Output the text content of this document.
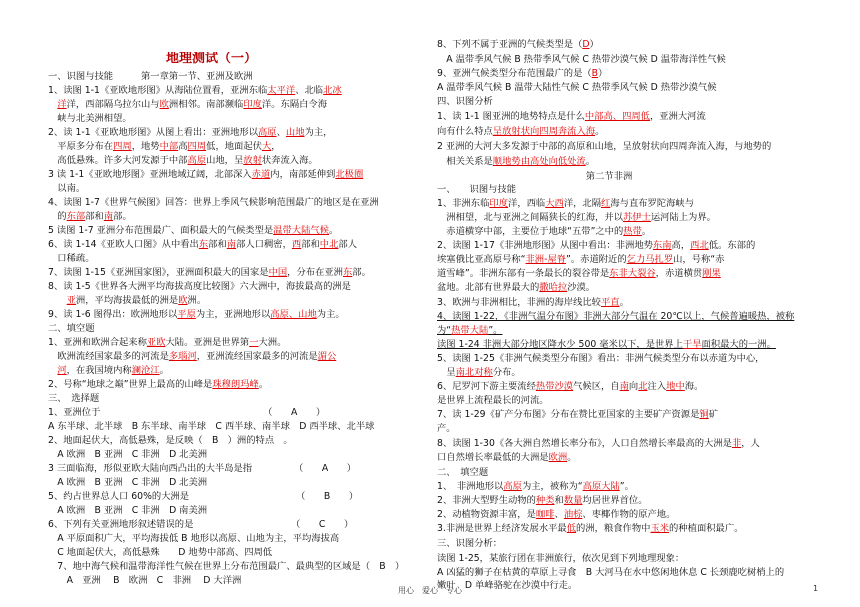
地理测试（一）
一、识图与技能　　　第一章第一节、亚洲及欧洲
1、读图 1-1《亚欧地形图》从海陆位置看，亚洲东临太平洋、北临北冰
　洋洋，西部隔乌拉尔山与欧洲相邻。南部濒临印度洋。东隔白令海
　峡与北美洲相望。
2、读 1-1《亚欧地形图》从图上看出：亚洲地形以高原、山地为主，
　平原多分布在四周，地势中部高四周低，地面起伏大，
　高低悬殊。许多大河发源于中部高原山地，呈放射状奔流入海。
3 读 1-1《亚欧地形图》亚洲地域辽阔，北部深入赤道内，南部延伸到北极圈
　以南。
4、读图 1-7《世界气候图》回答：世界上季风气候影响范围最广的地区是在亚洲
　的东部部和南部。
5 读图 1-7 亚洲分布范围最广、面积最大的气候类型是温带大陆气候。
6、读 1-14《亚欧人口图》从中看出东部和南部人口稠密，西部和中北部人
　口稀疏。
7、读图 1-15《亚洲国家图》，亚洲面积最大的国家是中国，分布在亚洲东部。
8、读 1-5《世界各大洲平均海拔高度比较图》六大洲中，海拔最高的洲是
　　亚洲，平均海拔最低的洲是欧洲。
9、读 1-6 图得出：欧洲地形以平原为主，亚洲地形以高原、山地为主。
二、填空题
1、亚洲和欧洲合起来称亚欧大陆。亚洲是世界第一大洲。
　欧洲流经国家最多的河流是多瑙河，亚洲流经国家最多的河流是湄公
　河，在我国境内称澜沧江。
2、号称“地球之巅”世界上最高的山峰是珠穆朗玛峰。
三、　选择题
1、亚洲位于　　　　　　　　　　　　　　　　　　（　　A　　）
A 东半球、北半球　B 东半球、南半球　C 西半球、南半球　D 西半球、北半球
2、地面起伏大，高低悬殊，是反映（　B　）洲的特点　。
　A 欧洲　B 亚洲　C 非洲　D 北美洲
3 三面临海，形似亚欧大陆向西凸出的大半岛是指　　　　　（　　A　　）
　A 欧洲　B 亚洲　C 非洲　D 北美洲
5、约占世界总人口 60%的大洲是　　　　　　　　　　　　（　　B　　）
　A 欧洲　B 亚洲　C 非洲　D 南美洲
6、下列有关亚洲地形叙述错误的是　　　　　　　　　　　（　　C　　）
　A 平原面积广大，平均海拔低 B 地形以高原、山地为主，平均海拔高
　C 地面起伏大，高低悬殊　　D 地势中部高、四周低
　7、地中海气候和温带海洋性气候在世界上分布范围最广、最典型的区域是（　B　）
　　A　亚洲　 B　欧洲　C　非洲　 D 大洋洲
8、下列不属于亚洲的气候类型是（D）
　A 温带季风气候 B 热带季风气候 C 热带沙漠气候 D 温带海洋性气候
9、亚洲气候类型分布范围最广的是（B）
A 温带季风气候 B 温带大陆性气候 C 热带季风气候 D 热带沙漠气候
四、识图分析
1、读 1-1 图亚洲的地势特点是什么中部高、四周低，亚洲大河流
向有什么特点呈放射状向四周奔流入海。
2 亚洲的大河大多发源于中部的高原和山地，呈放射状向四周奔流入海，与地势的
　相关关系是顺地势由高处向低处流。
　　　　　　　　　　　　　　　　第二节非洲
一、　　识图与技能
1、非洲东临印度洋，西临大西洋，北隔红海与直布罗陀海峡与
　洲相望，北与亚洲之间隔狭长的红海，并以苏伊士运河陆上为界。
　赤道横穿中部，主要位于地球“五带”之中的热带。
2、读图 1-17《非洲地形图》从图中看出：非洲地势东南高，西北低。东部的
埃塞俄比亚高原号称“非洲-屋脊”。赤道附近的乞力马扎罗山，号称“赤
道雪峰”。非洲东部有一条最长的裂谷带是东非大裂谷，赤道横贯刚果
盆地。北部有世界最大的撒哈拉沙漠。
3、欧洲与非洲相比，非洲的海岸线比较平直。
4、读图 1-22，《非洲气温分布图》非洲大部分气温在 20℃以上，气候普遍暖热，被称
为“热带大陆”。
读图 1-24 非洲大部分地区降水少 500 毫米以下，是世界上干旱面积最大的一洲。
5、读图 1-25《非洲气候类型分布图》看出：非洲气候类型分布以赤道为中心，
　呈南北对称分布。
6、尼罗河下游主要流经热带沙漠气候区，自南向北注入地中海。
是世界上流程最长的河流。
7、读 1-29《矿产分布图》分布在赞比亚国家的主要矿产资源是铜矿
产。
8、读图 1-30《各大洲自然增长率分布》，人口自然增长率最高的大洲是非，人
口自然增长率最低的大洲是欧洲。
二、　填空题
1、　非洲地形以高原为主，被称为“高原大陆”。
2、非洲大型野生动物的种类和数量均居世界首位。
2、动植物资源丰富，是咖啡、油棕、枣椰作物的原产地。
3.非洲是世界上经济发展水平最低的洲，粮食作物中玉米的种植面积最广。
三、识图分析：
读图 1-25，某旅行团在非洲旅行，依次见到下列地理现象：
A 凶猛的狮子在枯黄的草原上寻食　B 大河马在水中悠闲地休息 C 长颈鹿吃树梢上的
嫩叶　D 单峰骆驼在沙漠中行走。
用心　爱心　专心	1
